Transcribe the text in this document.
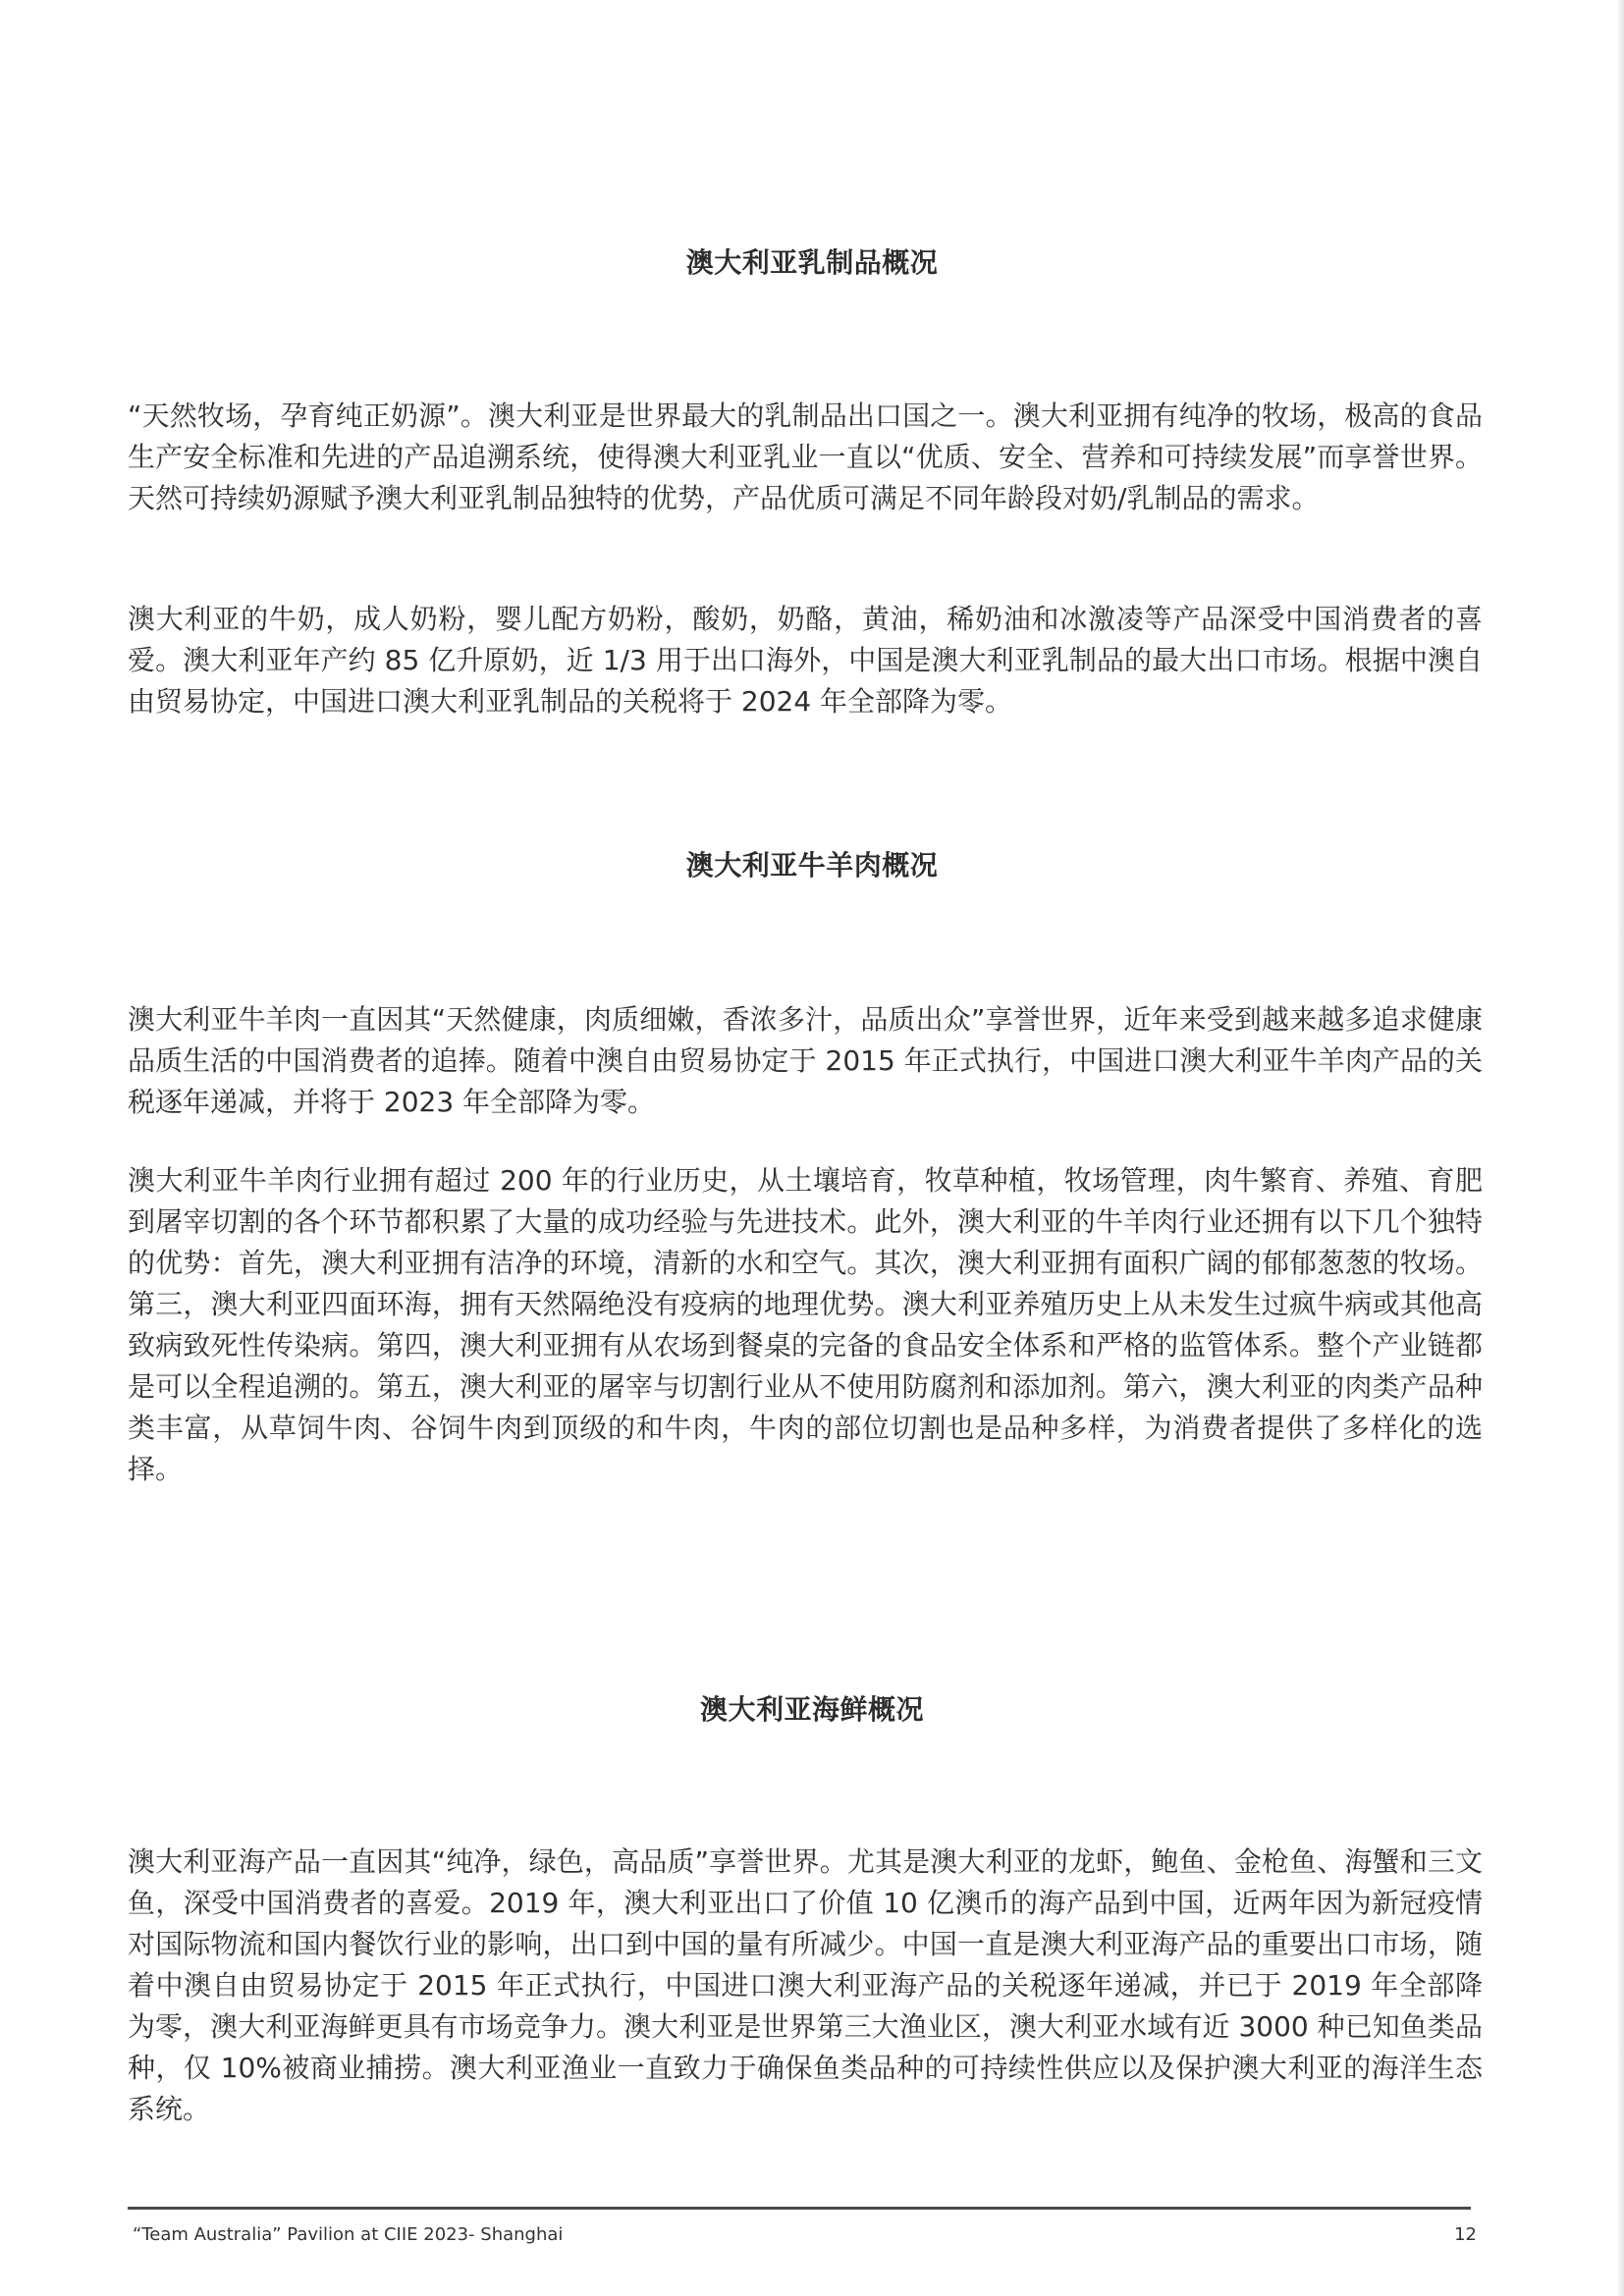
澳大利亚乳制品概况

“天然牧场，孕育纯正奶源”。澳大利亚是世界最大的乳制品出口国之一。澳大利亚拥有纯净的牧场，极高的食品生产安全标准和先进的产品追溯系统，使得澳大利亚乳业一直以“优质、安全、营养和可持续发展”而享誉世界。天然可持续奶源赋予澳大利亚乳制品独特的优势，产品优质可满足不同年龄段对奶/乳制品的需求。

澳大利亚的牛奶，成人奶粉，婴儿配方奶粉，酸奶，奶酪，黄油，稀奶油和冰激凌等产品深受中国消费者的喜爱。澳大利亚年产约 85 亿升原奶，近 1/3 用于出口海外，中国是澳大利亚乳制品的最大出口市场。根据中澳自由贸易协定，中国进口澳大利亚乳制品的关税将于 2024 年全部降为零。

澳大利亚牛羊肉概况

澳大利亚牛羊肉一直因其“天然健康，肉质细嫩，香浓多汁，品质出众”享誉世界，近年来受到越来越多追求健康品质生活的中国消费者的追捧。随着中澳自由贸易协定于 2015 年正式执行，中国进口澳大利亚牛羊肉产品的关税逐年递减，并将于 2023 年全部降为零。

澳大利亚牛羊肉行业拥有超过 200 年的行业历史，从土壤培育，牧草种植，牧场管理，肉牛繁育、养殖、育肥到屠宰切割的各个环节都积累了大量的成功经验与先进技术。此外，澳大利亚的牛羊肉行业还拥有以下几个独特的优势：首先，澳大利亚拥有洁净的环境，清新的水和空气。其次，澳大利亚拥有面积广阔的郁郁葱葱的牧场。第三，澳大利亚四面环海，拥有天然隔绝没有疫病的地理优势。澳大利亚养殖历史上从未发生过疯牛病或其他高致病致死性传染病。第四，澳大利亚拥有从农场到餐桌的完备的食品安全体系和严格的监管体系。整个产业链都是可以全程追溯的。第五，澳大利亚的屠宰与切割行业从不使用防腐剂和添加剂。第六，澳大利亚的肉类产品种类丰富，从草饲牛肉、谷饲牛肉到顶级的和牛肉，牛肉的部位切割也是品种多样，为消费者提供了多样化的选择。

澳大利亚海鲜概况

澳大利亚海产品一直因其“纯净，绿色，高品质”享誉世界。尤其是澳大利亚的龙虾，鲍鱼、金枪鱼、海蟹和三文鱼，深受中国消费者的喜爱。2019 年，澳大利亚出口了价值 10 亿澳币的海产品到中国，近两年因为新冠疫情对国际物流和国内餐饮行业的影响，出口到中国的量有所减少。中国一直是澳大利亚海产品的重要出口市场，随着中澳自由贸易协定于 2015 年正式执行，中国进口澳大利亚海产品的关税逐年递减，并已于 2019 年全部降为零，澳大利亚海鲜更具有市场竞争力。澳大利亚是世界第三大渔业区，澳大利亚水域有近 3000 种已知鱼类品种，仅 10%被商业捕捞。澳大利亚渔业一直致力于确保鱼类品种的可持续性供应以及保护澳大利亚的海洋生态系统。

“Team Australia” Pavilion at CIIE 2023- Shanghai	12
